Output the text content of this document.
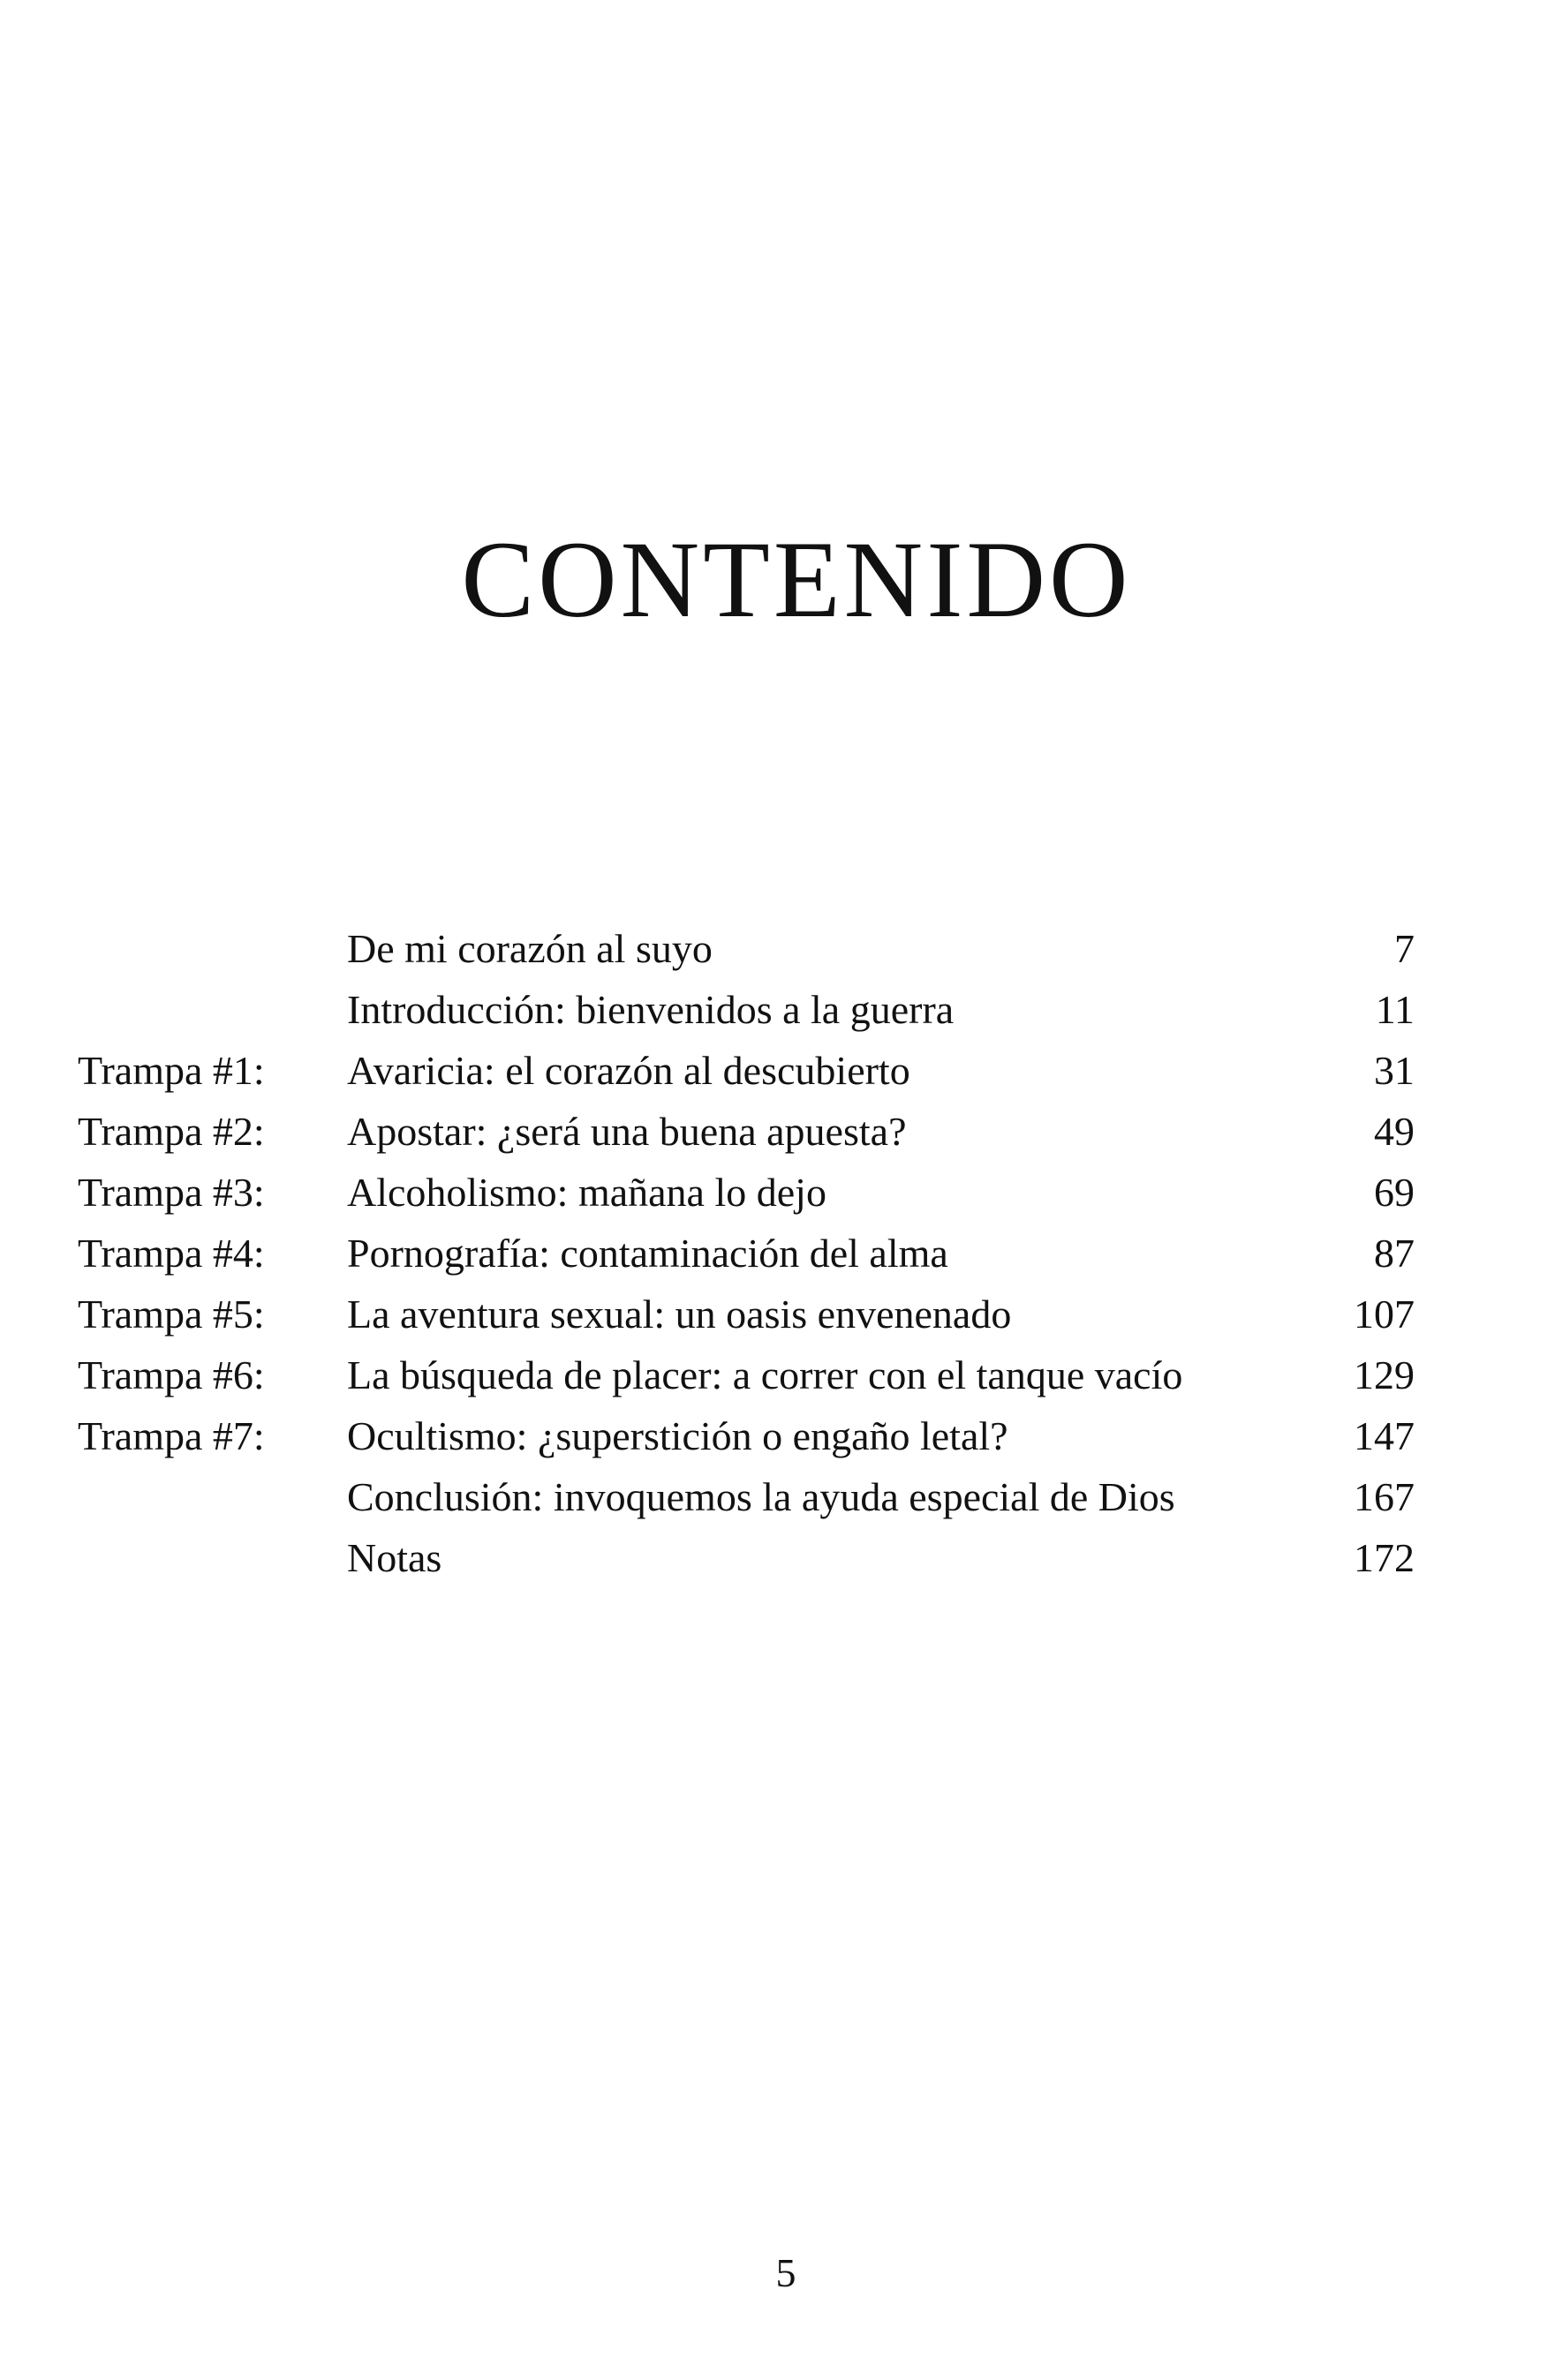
CONTENIDO
De mi corazón al suyo	7
Introducción: bienvenidos a la guerra	11
Trampa #1: Avaricia: el corazón al descubierto	31
Trampa #2: Apostar: ¿será una buena apuesta?	49
Trampa #3: Alcoholismo: mañana lo dejo	69
Trampa #4: Pornografía: contaminación del alma	87
Trampa #5: La aventura sexual: un oasis envenenado	107
Trampa #6: La búsqueda de placer: a correr con el tanque vacío	129
Trampa #7: Ocultismo: ¿superstición o engaño letal?	147
Conclusión: invoquemos la ayuda especial de Dios	167
Notas	172
5
